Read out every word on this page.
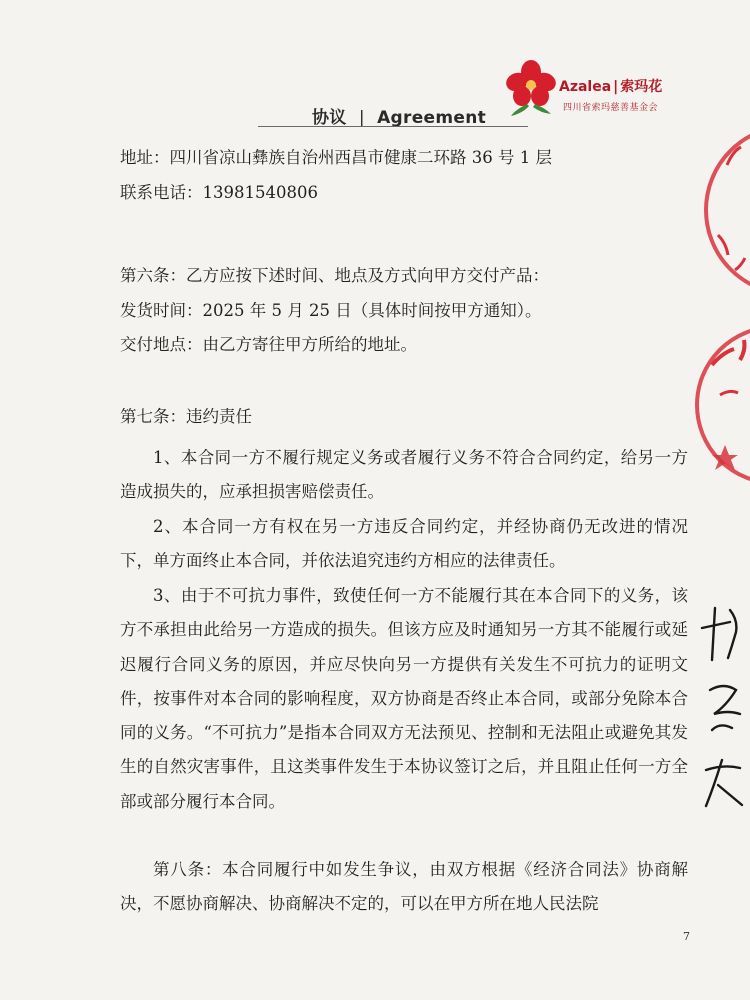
协议 | Agreement
Azalea | 索玛花
四川省索玛慈善基金会
地址：四川省凉山彝族自治州西昌市健康二环路 36 号 1 层
联系电话：13981540806
第六条：乙方应按下述时间、地点及方式向甲方交付产品：
发货时间：2025 年 5 月 25 日（具体时间按甲方通知）。
交付地点：由乙方寄往甲方所给的地址。
第七条：违约责任
1、本合同一方不履行规定义务或者履行义务不符合合同约定，给另一方造成损失的，应承担损害赔偿责任。
2、本合同一方有权在另一方违反合同约定，并经协商仍无改进的情况下，单方面终止本合同，并依法追究违约方相应的法律责任。
3、由于不可抗力事件，致使任何一方不能履行其在本合同下的义务，该方不承担由此给另一方造成的损失。但该方应及时通知另一方其不能履行或延迟履行合同义务的原因，并应尽快向另一方提供有关发生不可抗力的证明文件，按事件对本合同的影响程度，双方协商是否终止本合同，或部分免除本合同的义务。“不可抗力”是指本合同双方无法预见、控制和无法阻止或避免其发生的自然灾害事件，且这类事件发生于本协议签订之后，并且阻止任何一方全部或部分履行本合同。
第八条：本合同履行中如发生争议，由双方根据《经济合同法》协商解决，不愿协商解决、协商解决不定的，可以在甲方所在地人民法院
7
